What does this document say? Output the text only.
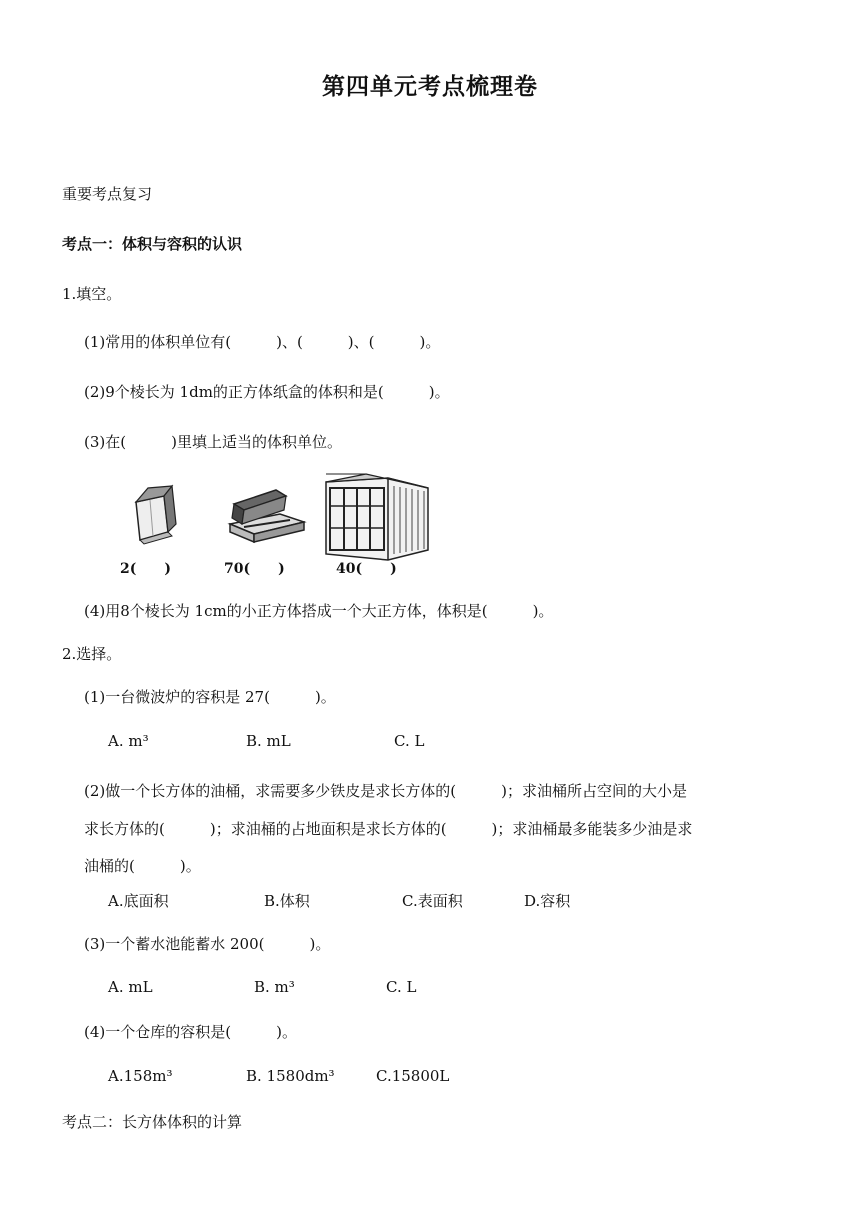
第四单元考点梳理卷
重要考点复习
考点一：体积与容积的认识
1.填空。
(1)常用的体积单位有(　　　)、(　　　)、(　　　)。
(2)9个棱长为 1dm的正方体纸盒的体积和是(　　　)。
(3)在(　　　)里填上适当的体积单位。
2(　　)	70(　　)	40(　　)
(4)用8个棱长为 1cm的小正方体搭成一个大正方体，体积是(　　　)。
2.选择。
(1)一台微波炉的容积是 27(　　　)。
A. m³	B. mL	C. L
(2)做一个长方体的油桶，求需要多少铁皮是求长方体的(　　　)；求油桶所占空间的大小是
求长方体的(　　　)；求油桶的占地面积是求长方体的(　　　)；求油桶最多能装多少油是求
油桶的(　　　)。
A.底面积	B.体积	C.表面积	D.容积
(3)一个蓄水池能蓄水 200(　　　)。
A. mL	B. m³	C. L
(4)一个仓库的容积是(　　　)。
A.158m³	B. 1580dm³	C.15800L
考点二：长方体体积的计算
